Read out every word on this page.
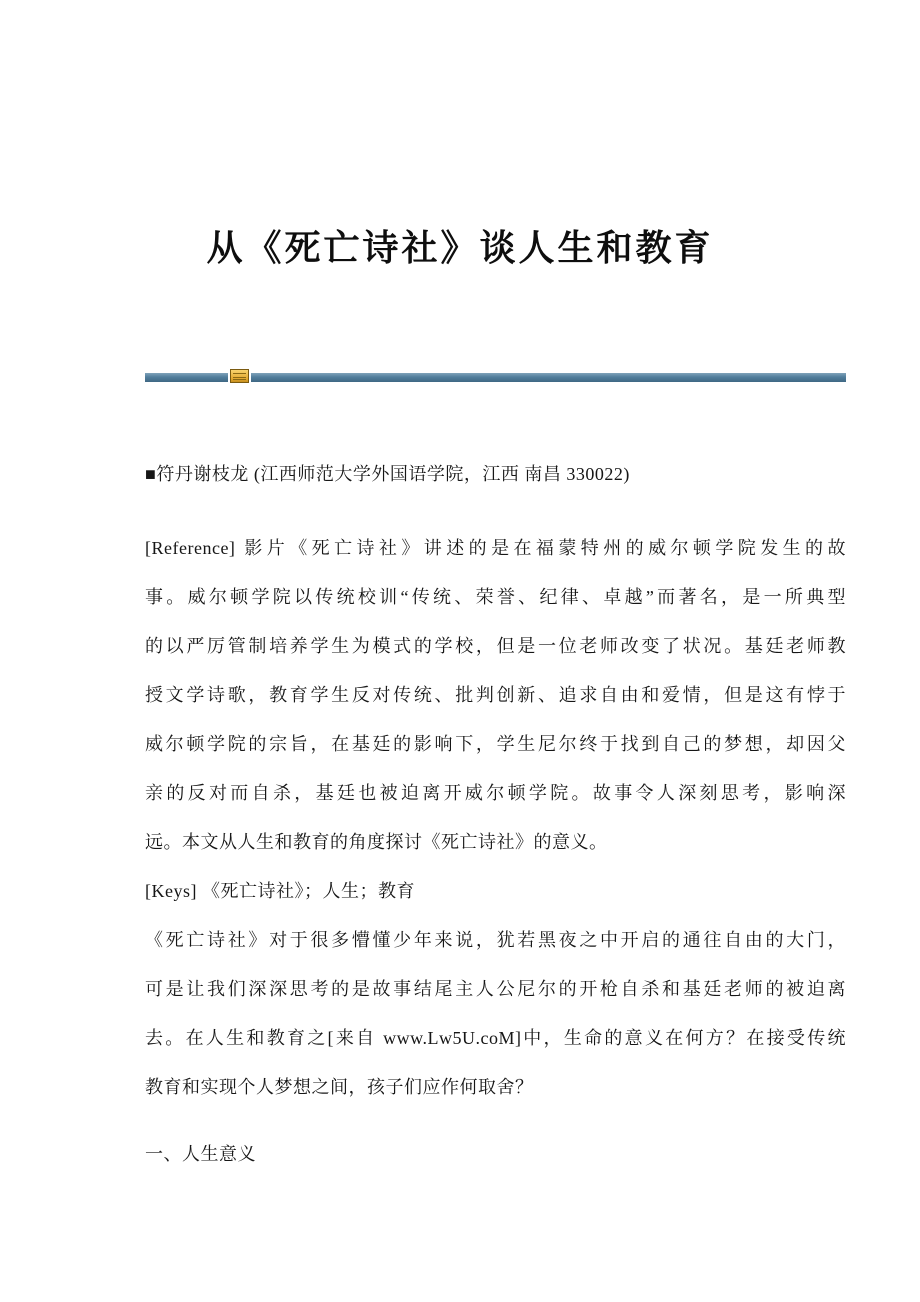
从《死亡诗社》谈人生和教育
■符丹谢枝龙 (江西师范大学外国语学院，江西 南昌 330022)
[Reference] 影片《死亡诗社》讲述的是在福蒙特州的威尔顿学院发生的故
事。威尔顿学院以传统校训“传统、荣誉、纪律、卓越”而著名，是一所典型
的以严厉管制培养学生为模式的学校，但是一位老师改变了状况。基廷老师教
授文学诗歌，教育学生反对传统、批判创新、追求自由和爱情，但是这有悖于
威尔顿学院的宗旨，在基廷的影响下，学生尼尔终于找到自己的梦想，却因父
亲的反对而自杀，基廷也被迫离开威尔顿学院。故事令人深刻思考，影响深
远。本文从人生和教育的角度探讨《死亡诗社》的意义。
[Keys] 《死亡诗社》；人生；教育
《死亡诗社》对于很多懵懂少年来说，犹若黑夜之中开启的通往自由的大门，
可是让我们深深思考的是故事结尾主人公尼尔的开枪自杀和基廷老师的被迫离
去。在人生和教育之[来自 www.Lw5U.coM]中，生命的意义在何方？在接受传统
教育和实现个人梦想之间，孩子们应作何取舍？
一、人生意义
